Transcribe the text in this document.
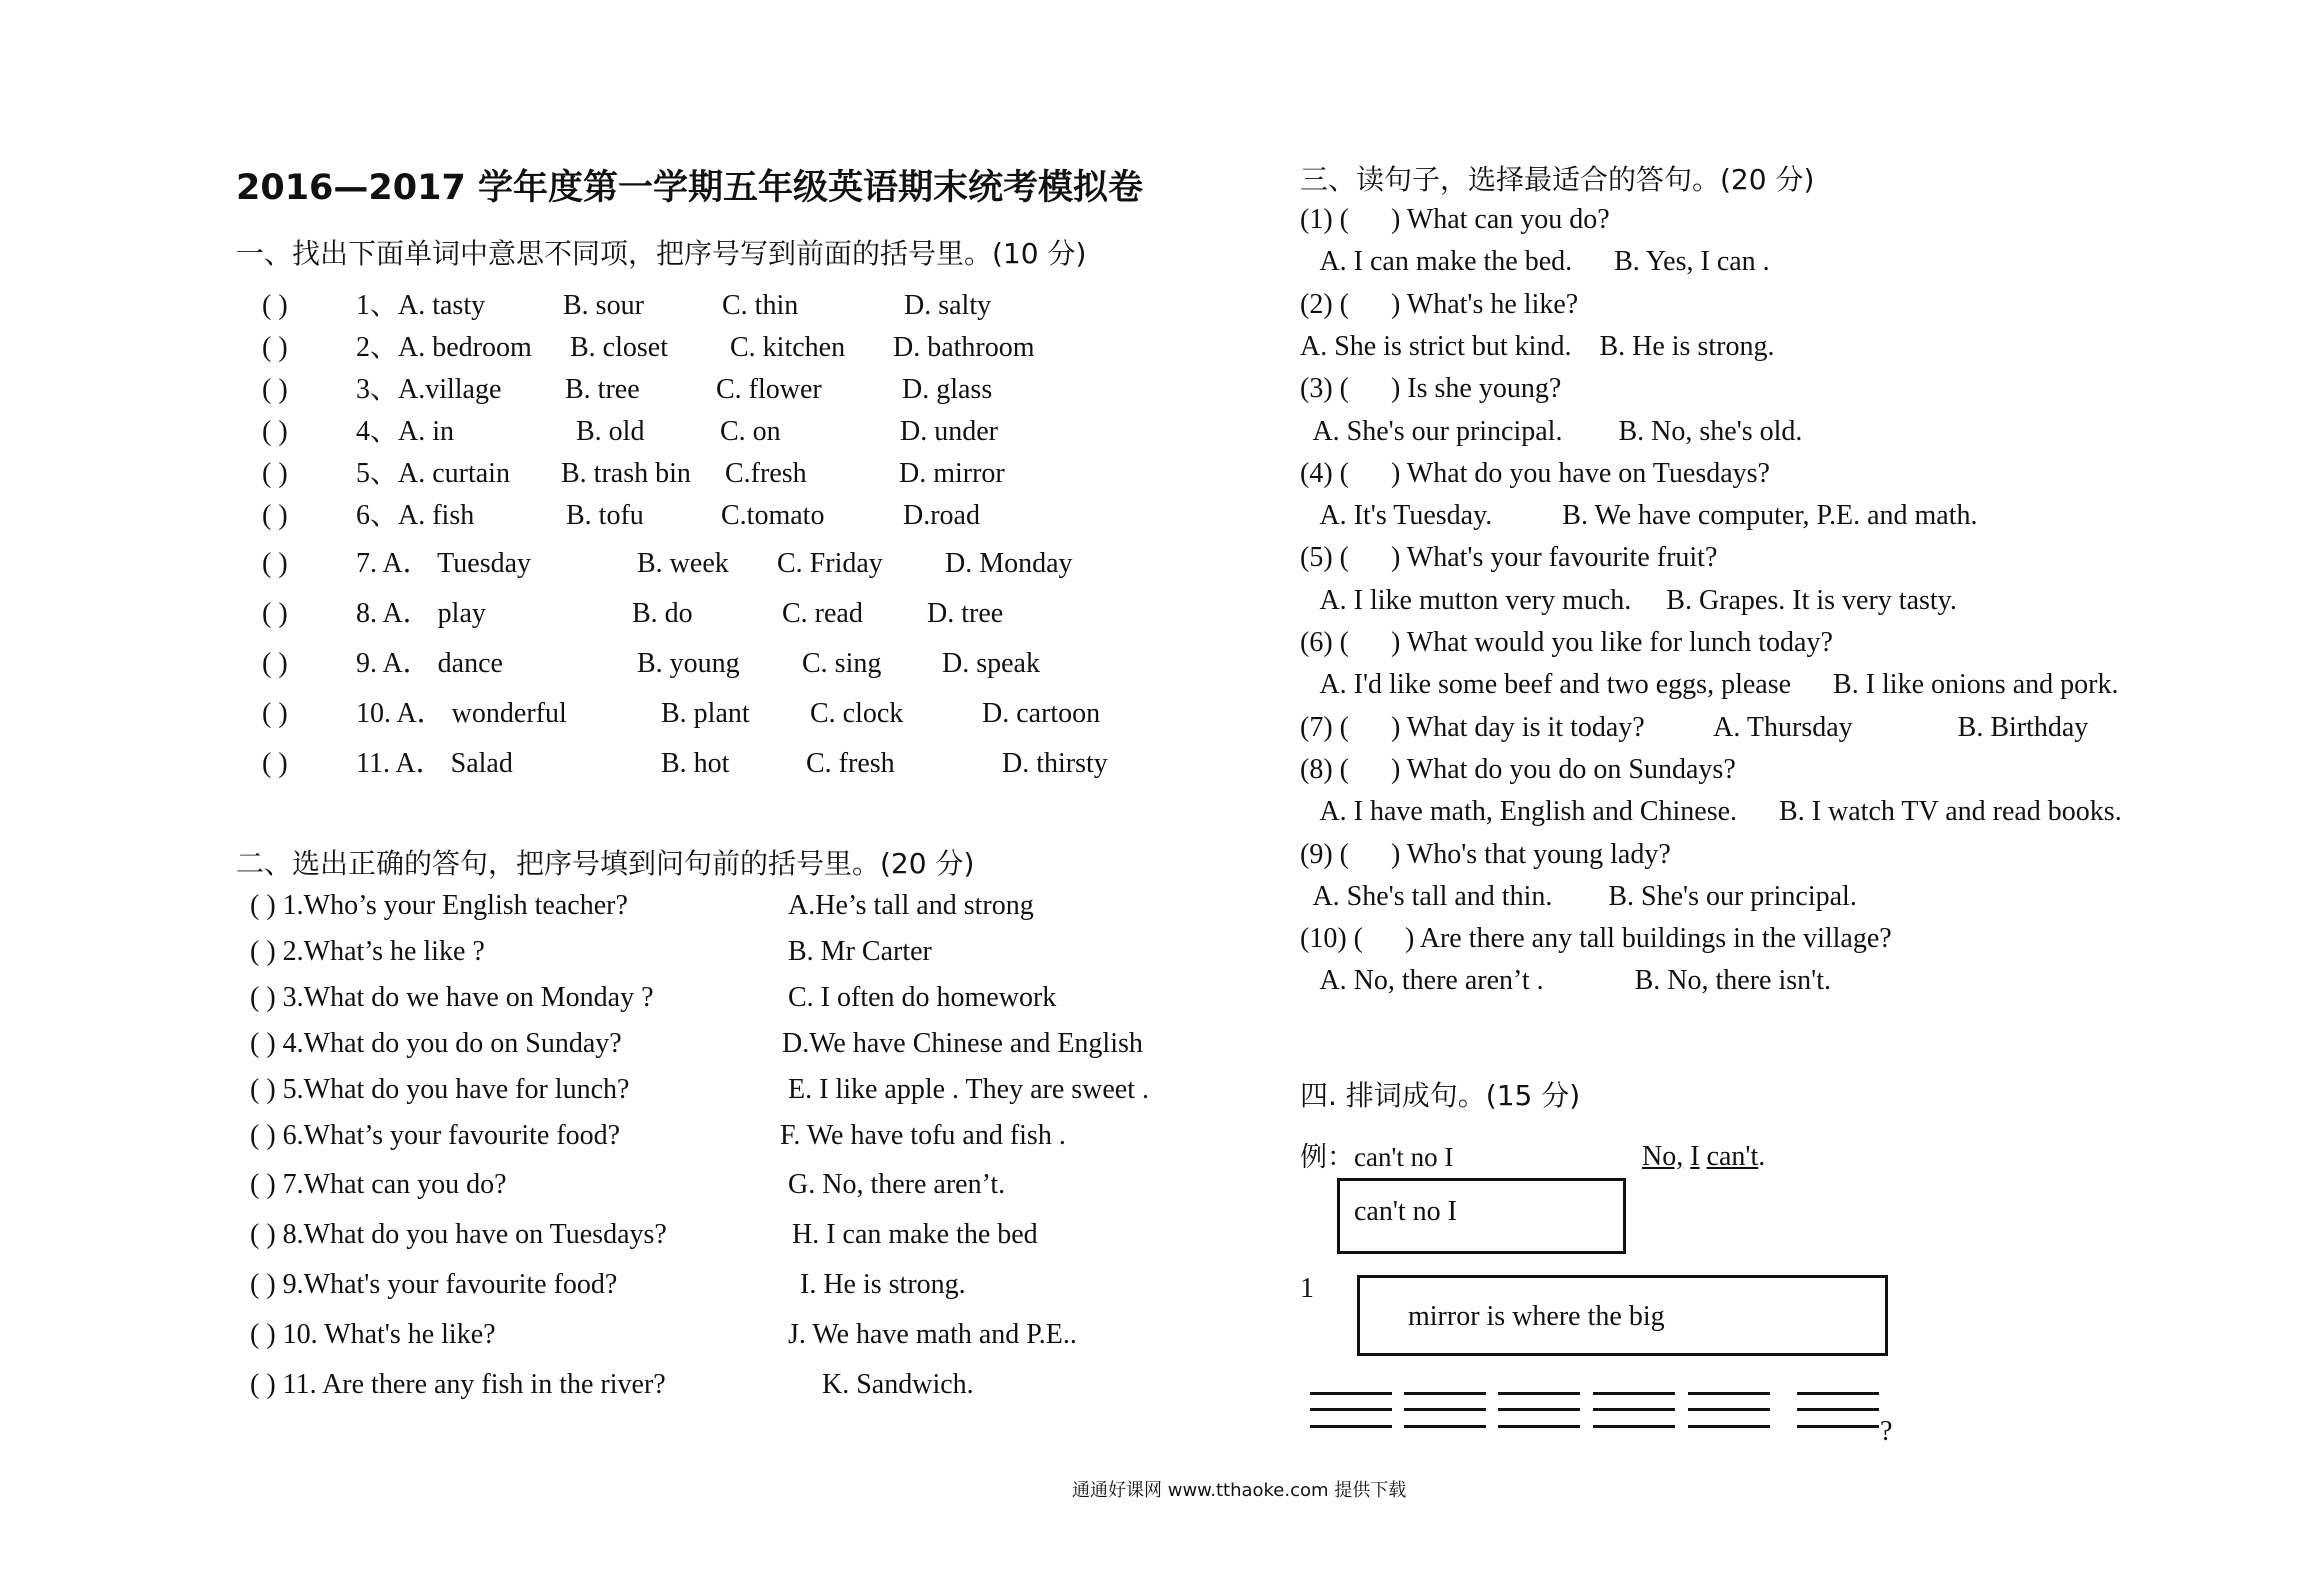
2016—2017 学年度第一学期五年级英语期末统考模拟卷
一、找出下面单词中意思不同项，把序号写到前面的括号里。(10 分)
( ) 1、A. tasty	B. sour	C. thin	D. salty
( ) 2、A. bedroom B. closet C. kitchen D. bathroom
( ) 3、A.village B. tree	C. flower	D. glass
( ) 4、A. in	B. old	C. on	D. under
( ) 5、A. curtain B. trash bin C.fresh	D. mirror
( ) 6、A. fish	B. tofu	C.tomato	D.road
( ) 7. A． Tuesday	B. week C. Friday D. Monday
( ) 8. A． play	B. do	C. read D. tree
( ) 9. A． dance	B. young C. sing D. speak
( ) 10. A． wonderful	B. plant C. clock	D. cartoon
( ) 11. A． Salad	B. hot	C. fresh	D. thirsty
二、选出正确的答句，把序号填到问句前的括号里。(20 分)
( ) 1.Who’s your English teacher?	A.He’s tall and strong
( ) 2.What’s he like ?	B. Mr Carter
( ) 3.What do we have on Monday ?	C. I often do homework
( ) 4.What do you do on Sunday?	D.We have Chinese and English
( ) 5.What do you have for lunch?	E. I like apple . They are sweet .
( ) 6.What’s your favourite food?	F. We have tofu and fish .
( ) 7.What can you do?	G. No, there aren’t.
( ) 8.What do you have on Tuesdays?	H. I can make the bed
( ) 9.What's your favourite food?	I. He is strong.
( ) 10. What's he like?	J. We have math and P.E..
( ) 11. Are there any fish in the river?	K. Sandwich.
三、读句子，选择最适合的答句。(20 分)
(1) (      ) What can you do?
A. I can make the bed.      B. Yes, I can .
(2) (      ) What's he like?
A. She is strict but kind.    B. He is strong.
(3) (      ) Is she young?
A. She's our principal.        B. No, she's old.
(4) (      ) What do you have on Tuesdays?
A. It's Tuesday.          B. We have computer, P.E. and math.
(5) (      ) What's your favourite fruit?
A. I like mutton very much.     B. Grapes. It is very tasty.
(6) (      ) What would you like for lunch today?
A. I'd like some beef and two eggs, please      B. I like onions and pork.
(7) (      ) What day is it today?          A. Thursday               B. Birthday
(8) (      ) What do you do on Sundays?
A. I have math, English and Chinese.      B. I watch TV and read books.
(9) (      ) Who's that young lady?
A. She's tall and thin.        B. She's our principal.
(10) (      ) Are there any tall buildings in the village?
A. No, there aren’t .             B. No, there isn't.
四. 排词成句。(15 分)
例：can't no I	No, I can't.
can't no I
1
mirror is where the big
?
通通好课网 www.tthaoke.com 提供下载
